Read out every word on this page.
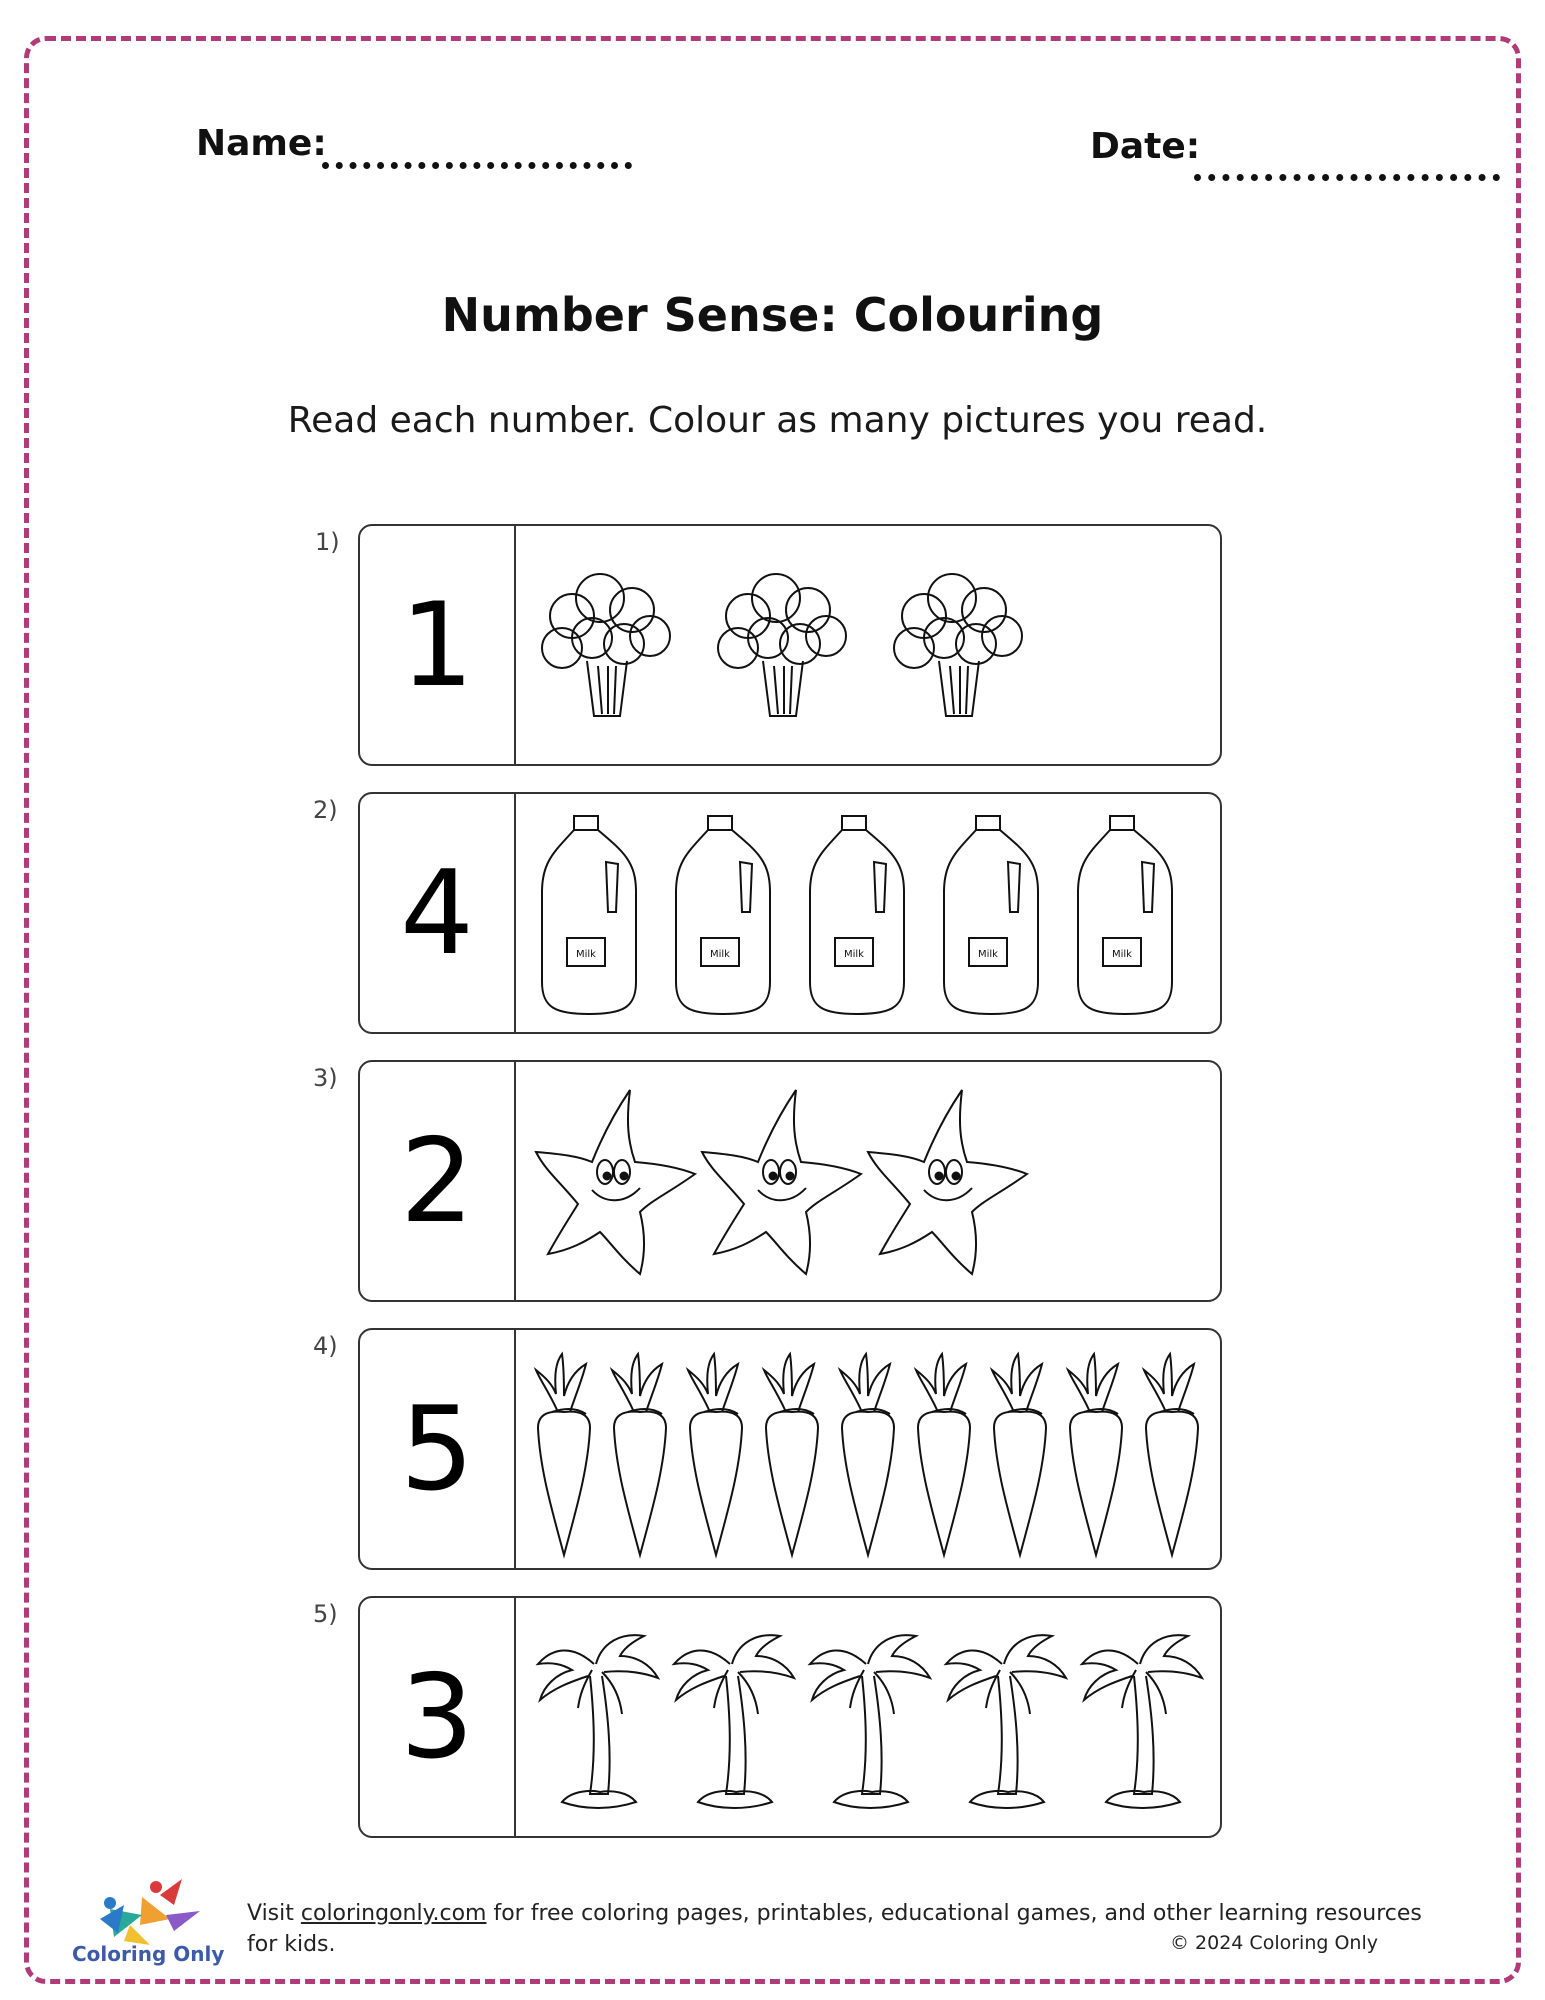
Name:	Date:
Number Sense: Colouring
Read each number. Colour as many pictures you read.
1)
1
2)
4	Milk	Milk	Milk	Milk	Milk
3)
2
4)
5
5)
3
Coloring Only
Visit coloringonly.com for free coloring pages, printables, educational games, and other learning resources for kids.	© 2024 Coloring Only
